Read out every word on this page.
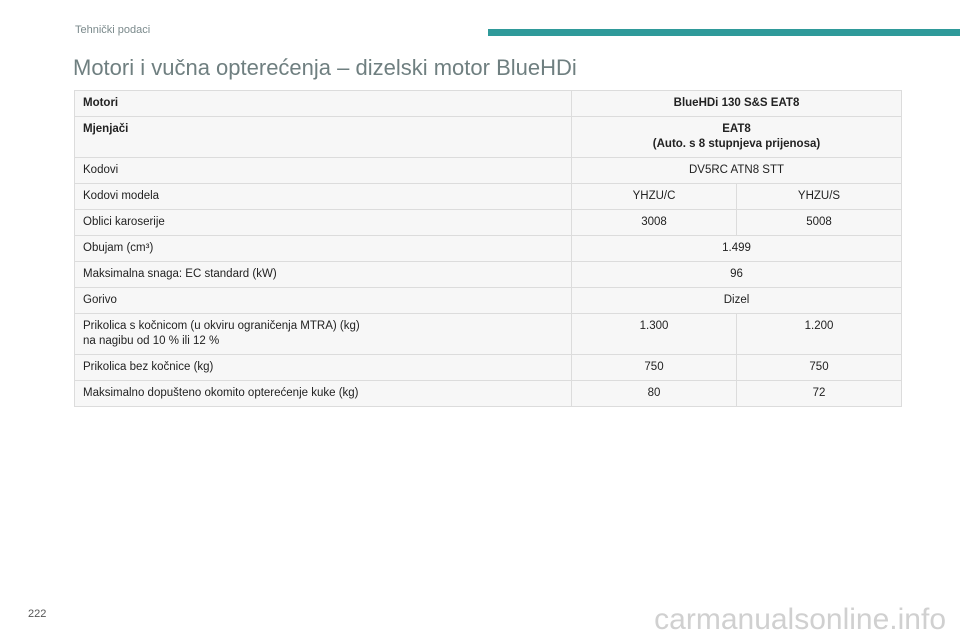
Tehnički podaci
Motori i vučna opterećenja – dizelski motor BlueHDi
Motori	BlueHDi 130 S&S EAT8	
Mjenjači	EAT8
(Auto. s 8 stupnjeva prijenosa)	
Kodovi	DV5RC ATN8 STT	
Kodovi modela	YHZU/C	YHZU/S
Oblici karoserije	3008	5008
Obujam (cm³)	1.499	
Maksimalna snaga: EC standard (kW)	96	
Gorivo	Dizel	
Prikolica s kočnicom (u okviru ograničenja MTRA) (kg)
na nagibu od 10 % ili 12 %	1.300	1.200
Prikolica bez kočnice (kg)	750	750
Maksimalno dopušteno okomito opterećenje kuke (kg)	80	72
222	carmanualsonline.info
